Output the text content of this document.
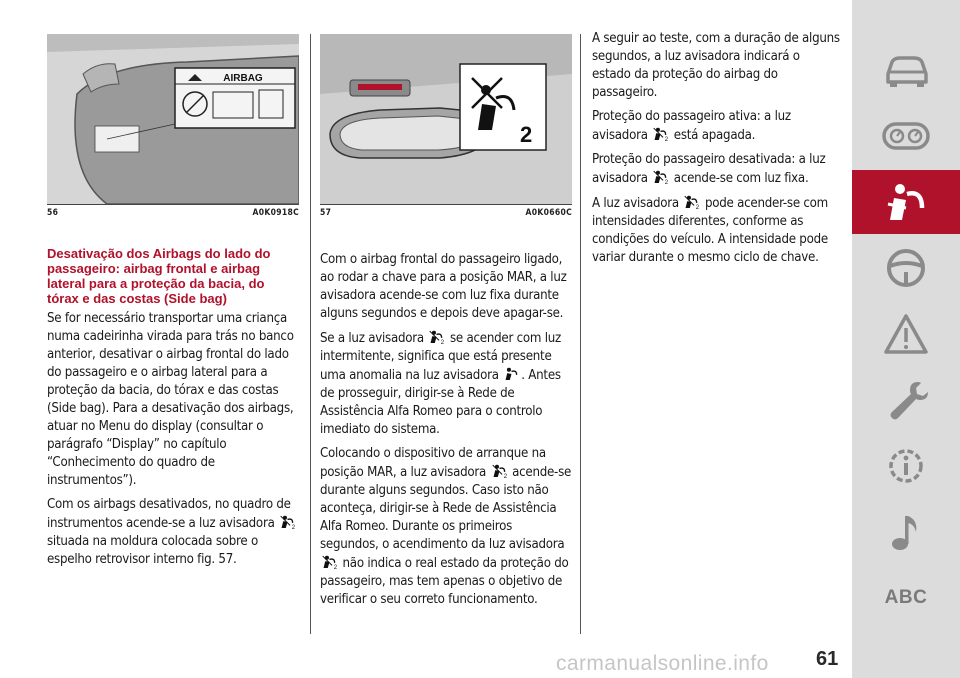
AIRBAG
56	A0K0918C
Desativação dos Airbags do lado do passageiro: airbag frontal e airbag lateral para a proteção da bacia, do tórax e das costas (Side bag)

Se for necessário transportar uma criança numa cadeirinha virada para trás no banco anterior, desativar o airbag frontal do lado do passageiro e o airbag lateral para a proteção da bacia, do tórax e das costas (Side bag). Para a desativação dos airbags, atuar no Menu do display (consultar o parágrafo “Display” no capítulo “Conhecimento do quadro de instrumentos”).

Com os airbags desativados, no quadro de instrumentos acende-se a luz avisadora 2
situada na moldura colocada sobre o espelho retrovisor interno fig. 57.

2
57	A0K0660C

Com o airbag frontal do passageiro ligado, ao rodar a chave para a posição MAR, a luz avisadora acende-se com luz fixa durante alguns segundos e depois deve apagar-se.

Se a luz avisadora 2 se acender com luz intermitente, significa que está presente uma anomalia na luz avisadora . Antes de prosseguir, dirigir-se à Rede de Assistência Alfa Romeo para o controlo imediato do sistema.

Colocando o dispositivo de arranque na posição MAR, a luz avisadora 2 acende-se durante alguns segundos. Caso isto não aconteça, dirigir-se à Rede de Assistência Alfa Romeo. Durante os primeiros segundos, o acendimento da luz avisadora
2 não indica o real estado da proteção do passageiro, mas tem apenas o objetivo de verificar o seu correto funcionamento.

A seguir ao teste, com a duração de alguns segundos, a luz avisadora indicará o estado da proteção do airbag do passageiro.

Proteção do passageiro ativa: a luz avisadora 2 está apagada.

Proteção do passageiro desativada: a luz avisadora 2 acende-se com luz fixa.

A luz avisadora 2 pode acender-se com intensidades diferentes, conforme as condições do veículo. A intensidade pode variar durante o mesmo ciclo de chave.

ABC
carmanualsonline.info 61
